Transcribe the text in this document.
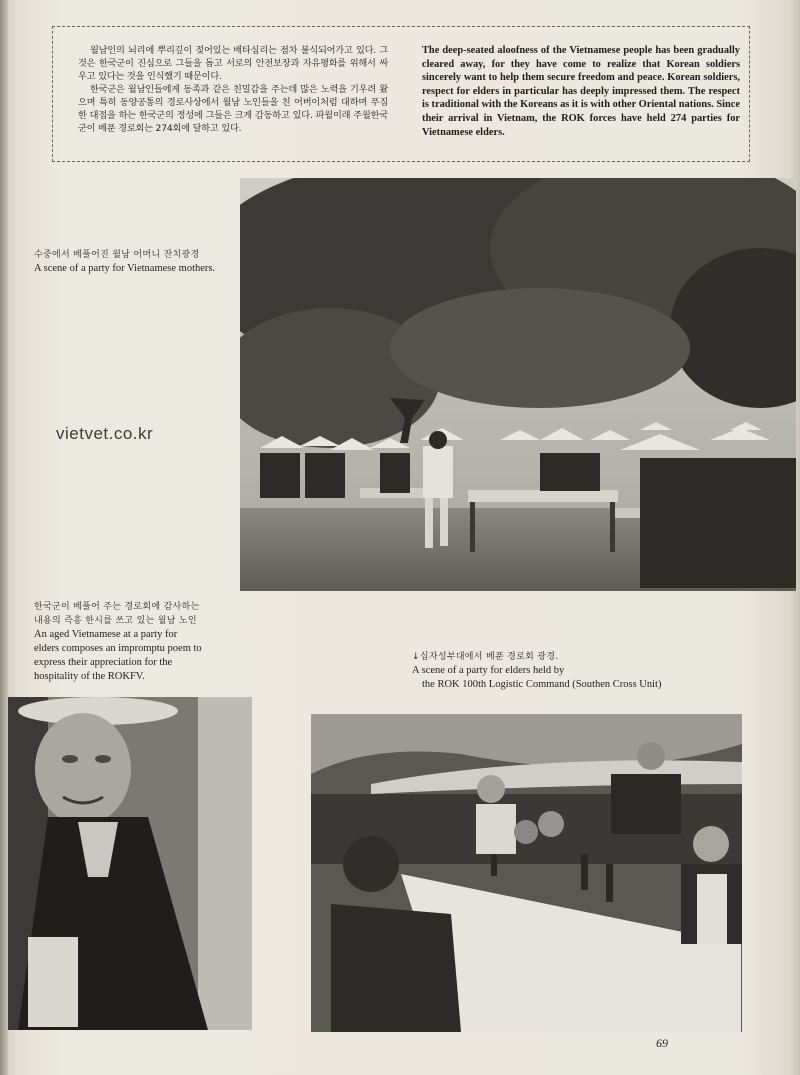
월남인의 뇌리에 뿌리깊이 젖어있는 배타심리는 점차 불식되어가고 있다. 그것은 한국군이 진심으로 그들을 돕고 서로의 안전보장과 자유평화를 위해서 싸우고 있다는 것을 인식했기 때문이다.

한국군은 월남인들에게 동족과 같은 친밀감을 주는데 많은 노력을 기우려 왔으며 특히 동양공통의 경로사상에서 월남 노인들을 친 어버이처럼 대하며 푸짐한 대접을 하는 한국군의 정성에 그들은 크게 감동하고 있다. 파월이래 주월한국군이 베푼 경로회는 274회에 달하고 있다.

The deep-seated aloofness of the Vietnamese people has been gradually cleared away, for they have come to realize that Korean soldiers sincerely want to help them secure freedom and peace. Korean soldiers, respect for elders in particular has deeply impressed them. The respect is traditional with the Koreans as it is with other Oriental nations. Since their arrival in Vietnam, the ROK forces have held 274 parties for Vietnamese elders.
수중에서 베풀어진 월남 어머니 잔치광경
A scene of a party for Vietnamese mothers.
vietvet.co.kr
한국군이 베풀어 주는 경로회에 감사하는 내용의 즉흥 한시를 쓰고 있는 월남 노인
An aged Vietnamese at a party for elders composes an impromptu poem to express their appreciation for the hospitality of the ROKFV.
↓십자성부대에서 베푼 경로회 광경.
A scene of a party for elders held by
the ROK 100th Logistic Command (Southen Cross Unit)
69
